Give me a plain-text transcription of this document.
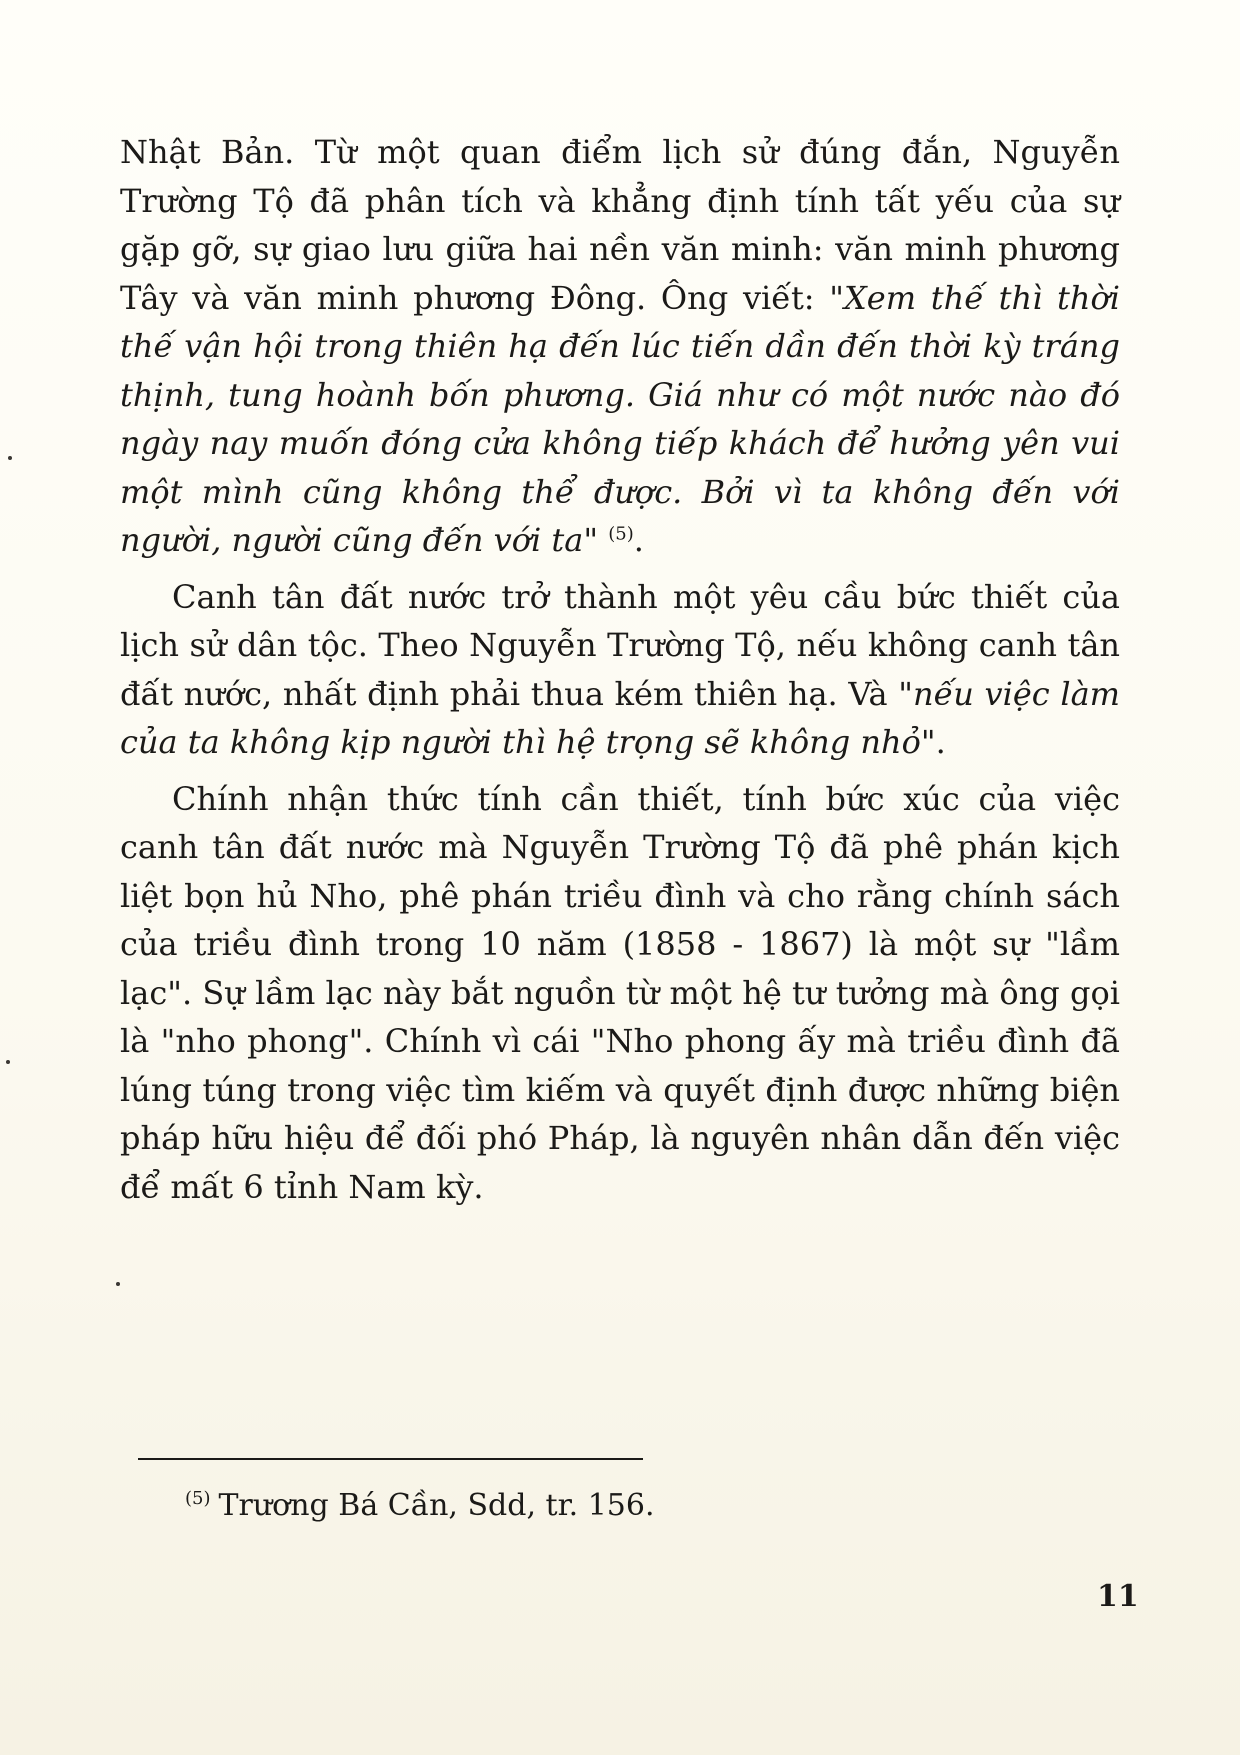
Nhật Bản. Từ một quan điểm lịch sử đúng đắn, Nguyễn Trường Tộ đã phân tích và khẳng định tính tất yếu của sự gặp gỡ, sự giao lưu giữa hai nền văn minh: văn minh phương Tây và văn minh phương Đông. Ông viết: "Xem thế thì thời thế vận hội trong thiên hạ đến lúc tiến dần đến thời kỳ tráng thịnh, tung hoành bốn phương. Giá như có một nước nào đó ngày nay muốn đóng cửa không tiếp khách để hưởng yên vui một mình cũng không thể được. Bởi vì ta không đến với người, người cũng đến với ta" $^{(5)}$.

Canh tân đất nước trở thành một yêu cầu bức thiết của lịch sử dân tộc. Theo Nguyễn Trường Tộ, nếu không canh tân đất nước, nhất định phải thua kém thiên hạ. Và "nếu việc làm của ta không kịp người thì hệ trọng sẽ không nhỏ".

Chính nhận thức tính cần thiết, tính bức xúc của việc canh tân đất nước mà Nguyễn Trường Tộ đã phê phán kịch liệt bọn hủ Nho, phê phán triều đình và cho rằng chính sách của triều đình trong 10 năm (1858 - 1867) là một sự "lầm lạc". Sự lầm lạc này bắt nguồn từ một hệ tư tưởng mà ông gọi là "nho phong". Chính vì cái "Nho phong ấy mà triều đình đã lúng túng trong việc tìm kiếm và quyết định được những biện pháp hữu hiệu để đối phó Pháp, là nguyên nhân dẫn đến việc để mất 6 tỉnh Nam kỳ.

$^{(5)}$ Trương Bá Cần, Sdd, tr. 156.
11
